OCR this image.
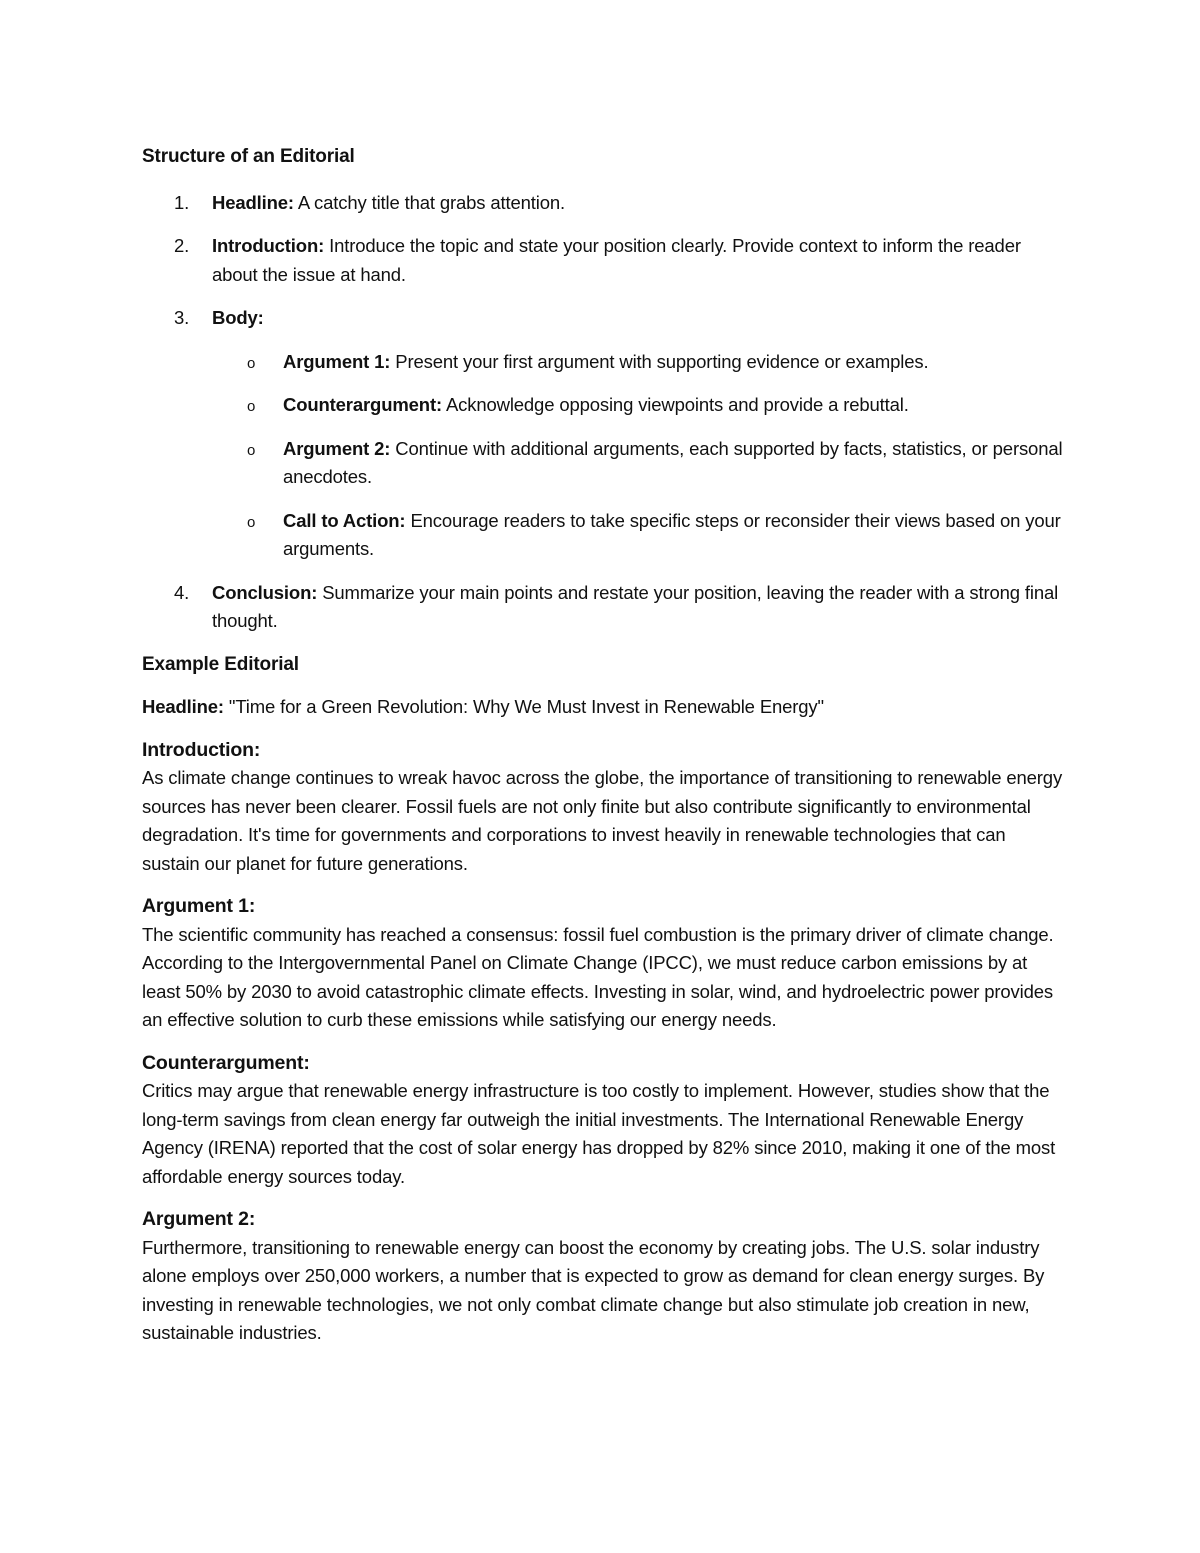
Structure of an Editorial
1. Headline: A catchy title that grabs attention.
2. Introduction: Introduce the topic and state your position clearly. Provide context to inform the reader about the issue at hand.
3. Body:
o Argument 1: Present your first argument with supporting evidence or examples.
o Counterargument: Acknowledge opposing viewpoints and provide a rebuttal.
o Argument 2: Continue with additional arguments, each supported by facts, statistics, or personal anecdotes.
o Call to Action: Encourage readers to take specific steps or reconsider their views based on your arguments.
4. Conclusion: Summarize your main points and restate your position, leaving the reader with a strong final thought.
Example Editorial
Headline: "Time for a Green Revolution: Why We Must Invest in Renewable Energy"
Introduction:
As climate change continues to wreak havoc across the globe, the importance of transitioning to renewable energy sources has never been clearer. Fossil fuels are not only finite but also contribute significantly to environmental degradation. It's time for governments and corporations to invest heavily in renewable technologies that can sustain our planet for future generations.
Argument 1:
The scientific community has reached a consensus: fossil fuel combustion is the primary driver of climate change. According to the Intergovernmental Panel on Climate Change (IPCC), we must reduce carbon emissions by at least 50% by 2030 to avoid catastrophic climate effects. Investing in solar, wind, and hydroelectric power provides an effective solution to curb these emissions while satisfying our energy needs.
Counterargument:
Critics may argue that renewable energy infrastructure is too costly to implement. However, studies show that the long-term savings from clean energy far outweigh the initial investments. The International Renewable Energy Agency (IRENA) reported that the cost of solar energy has dropped by 82% since 2010, making it one of the most affordable energy sources today.
Argument 2:
Furthermore, transitioning to renewable energy can boost the economy by creating jobs. The U.S. solar industry alone employs over 250,000 workers, a number that is expected to grow as demand for clean energy surges. By investing in renewable technologies, we not only combat climate change but also stimulate job creation in new, sustainable industries.
